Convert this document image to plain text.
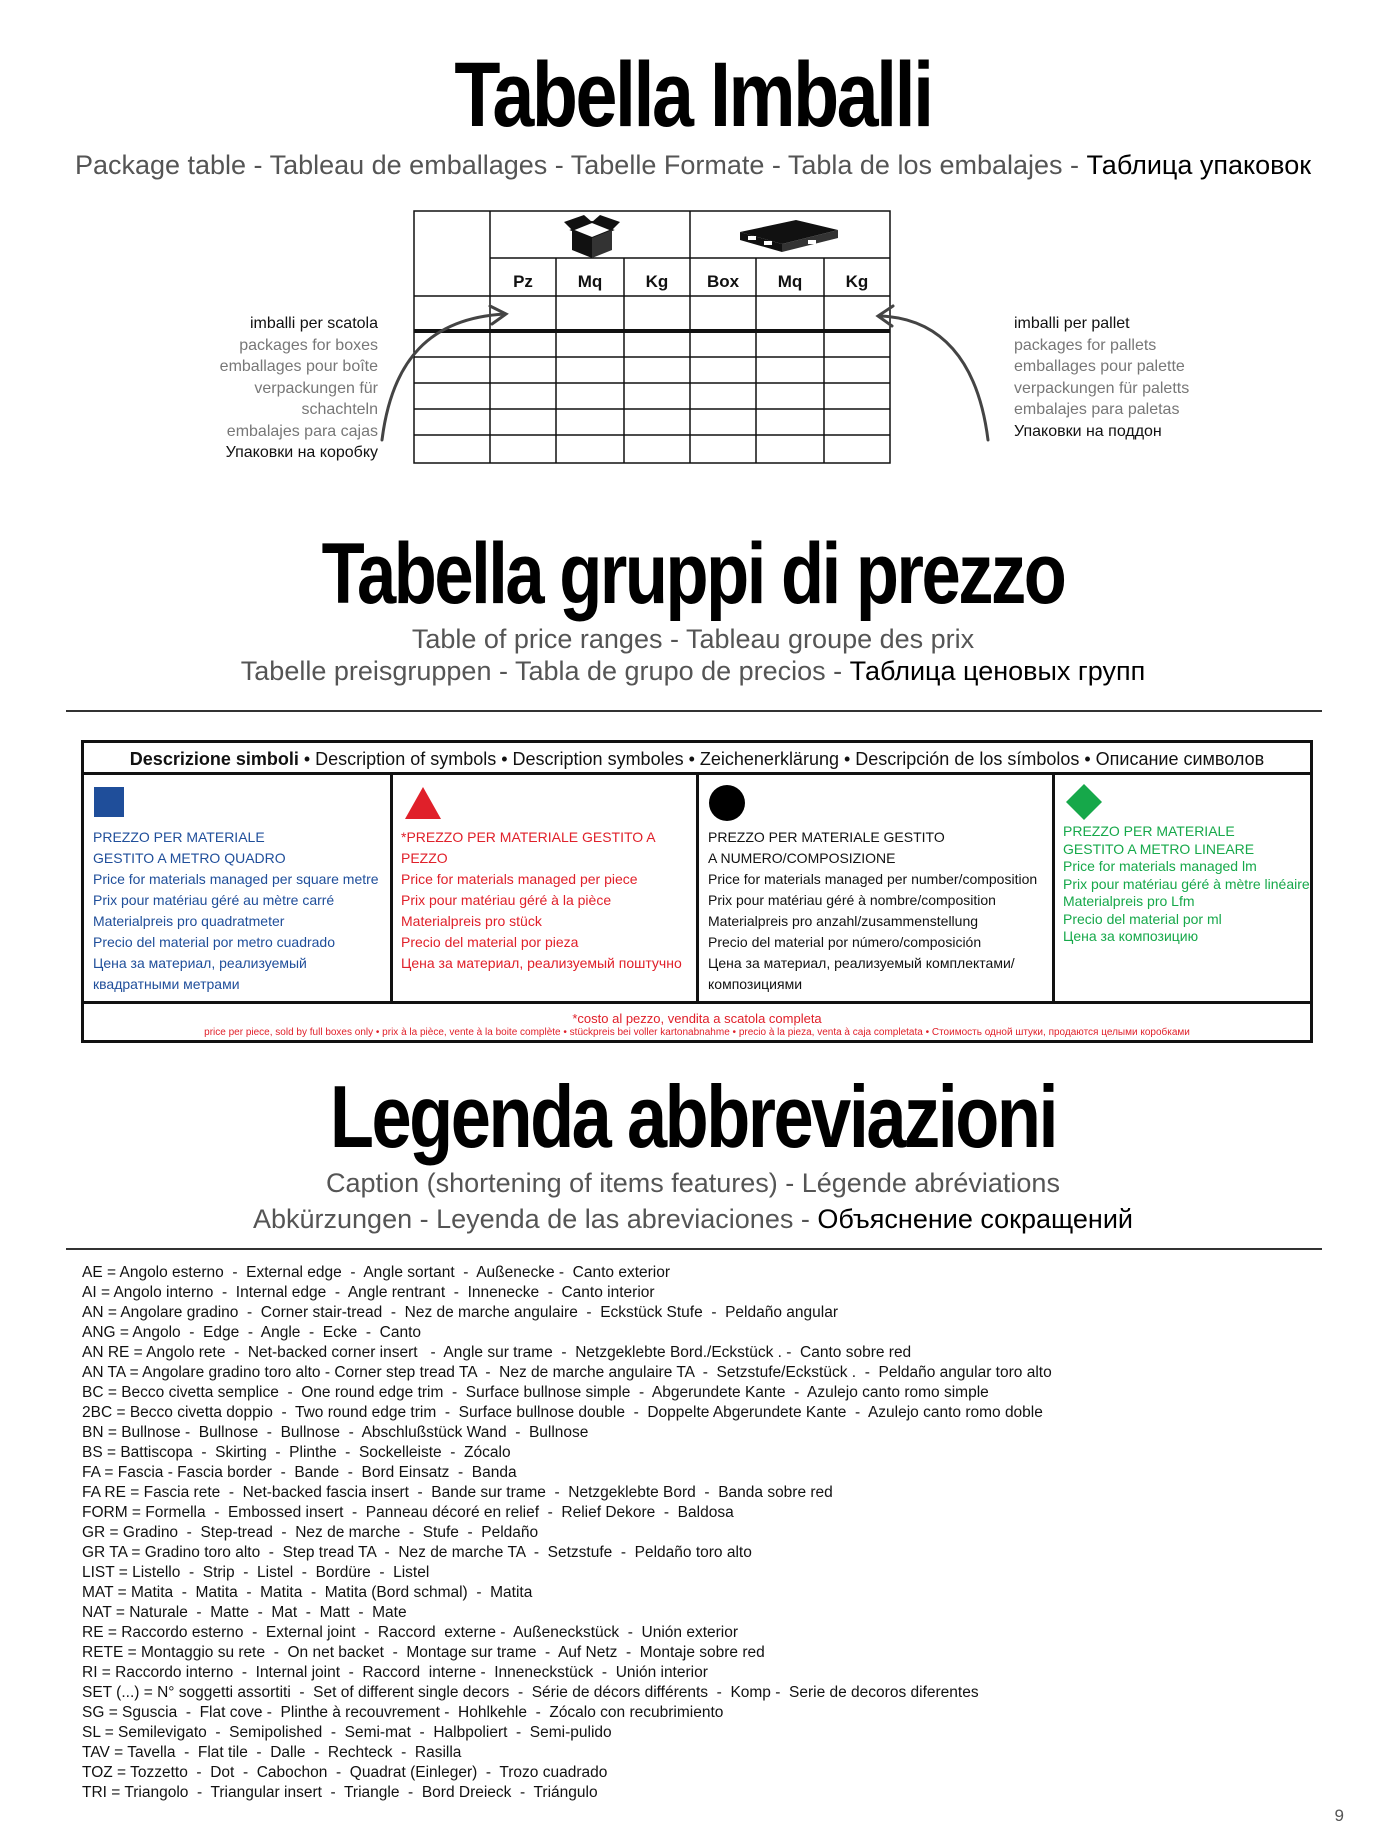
Tabella Imballi
Package table - Tableau de emballages - Tabelle Formate - Tabla de los embalajes - Таблица упаковок
Pz	Mq	Kg	Box	Mq	Kg
imballi per scatola
packages for boxes
emballages pour boîte
verpackungen für
schachteln
embalajes para cajas
Упаковки на коробку
imballi per pallet
packages for pallets
emballages pour palette
verpackungen für paletts
embalajes para paletas
Упаковки на поддон
Tabella gruppi di prezzo
Table of price ranges - Tableau groupe des prix
Tabelle preisgruppen - Tabla de grupo de precios - Таблица ценовых групп
Descrizione simboli • Description of symbols • Description symboles • Zeichenerklärung • Descripción de los símbolos • Описание символов
PREZZO PER MATERIALE
GESTITO A METRO QUADRO
Price for materials managed per square metre
Prix pour matériau géré au mètre carré
Materialpreis pro quadratmeter
Precio del material por metro cuadrado
Цена за материал, реализуемый
квадратными метрами
*PREZZO PER MATERIALE GESTITO A PEZZO
Price for materials managed per piece
Prix pour matériau géré à la pièce
Materialpreis pro stück
Precio del material por pieza
Цена за материал, реализуемый поштучно
PREZZO PER MATERIALE GESTITO
A NUMERO/COMPOSIZIONE
Price for materials managed per number/composition
Prix pour matériau géré à nombre/composition
Materialpreis pro anzahl/zusammenstellung
Precio del material por número/composición
Цена за материал, реализуемый комплектами/
композициями
PREZZO PER MATERIALE
GESTITO A METRO LINEARE
Price for materials managed lm
Prix pour matériau géré à mètre linéaire
Materialpreis pro Lfm
Precio del material por ml
Цена за композицию
*costo al pezzo, vendita a scatola completa
price per piece, sold by full boxes only • prix à la pièce, vente à la boite complète • stückpreis bei voller kartonabnahme • precio à la pieza, venta à caja completata • Стоимость одной штуки, продаются целыми коробками
Legenda abbreviazioni
Caption (shortening of items features) - Légende abréviations
Abkürzungen - Leyenda de las abreviaciones - Объяснение сокращений
AE = Angolo esterno  -  External edge  -  Angle sortant  -  Außenecke -  Canto exterior
AI = Angolo interno  -  Internal edge  -  Angle rentrant  -  Innenecke  -  Canto interior
AN = Angolare gradino  -  Corner stair-tread  -  Nez de marche angulaire  -  Eckstück Stufe  -  Peldaño angular
ANG = Angolo  -  Edge  -  Angle  -  Ecke  -  Canto
AN RE = Angolo rete  -  Net-backed corner insert   -  Angle sur trame  -  Netzgeklebte Bord./Eckstück . -  Canto sobre red
AN TA = Angolare gradino toro alto - Corner step tread TA  -  Nez de marche angulaire TA  -  Setzstufe/Eckstück .  -  Peldaño angular toro alto
BC = Becco civetta semplice  -  One round edge trim  -  Surface bullnose simple  -  Abgerundete Kante  -  Azulejo canto romo simple
2BC = Becco civetta doppio  -  Two round edge trim  -  Surface bullnose double  -  Doppelte Abgerundete Kante  -  Azulejo canto romo doble
BN = Bullnose -  Bullnose  -  Bullnose  -  Abschlußstück Wand  -  Bullnose
BS = Battiscopa  -  Skirting  -  Plinthe  -  Sockelleiste  -  Zócalo
FA = Fascia - Fascia border  -  Bande  -  Bord Einsatz  -  Banda
FA RE = Fascia rete  -  Net-backed fascia insert  -  Bande sur trame  -  Netzgeklebte Bord  -  Banda sobre red
FORM = Formella  -  Embossed insert  -  Panneau décoré en relief  -  Relief Dekore  -  Baldosa
GR = Gradino  -  Step-tread  -  Nez de marche  -  Stufe  -  Peldaño
GR TA = Gradino toro alto  -  Step tread TA  -  Nez de marche TA  -  Setzstufe  -  Peldaño toro alto
LIST = Listello  -  Strip  -  Listel  -  Bordüre  -  Listel
MAT = Matita  -  Matita  -  Matita  -  Matita (Bord schmal)  -  Matita
NAT = Naturale  -  Matte  -  Mat  -  Matt  -  Mate
RE = Raccordo esterno  -  External joint  -  Raccord  externe -  Außeneckstück  -  Unión exterior
RETE = Montaggio su rete  -  On net backet  -  Montage sur trame  -  Auf Netz  -  Montaje sobre red
RI = Raccordo interno  -  Internal joint  -  Raccord  interne -  Inneneckstück  -  Unión interior
SET (...) = N° soggetti assortiti  -  Set of different single decors  -  Série de décors différents  -  Komp -  Serie de decoros diferentes
SG = Sguscia  -  Flat cove -  Plinthe à recouvrement -  Hohlkehle  -  Zócalo con recubrimiento
SL = Semilevigato  -  Semipolished  -  Semi-mat  -  Halbpoliert  -  Semi-pulido
TAV = Tavella  -  Flat tile  -  Dalle  -  Rechteck  -  Rasilla
TOZ = Tozzetto  -  Dot  -  Cabochon  -  Quadrat (Einleger)  -  Trozo cuadrado
TRI = Triangolo  -  Triangular insert  -  Triangle  -  Bord Dreieck  -  Triángulo
9
